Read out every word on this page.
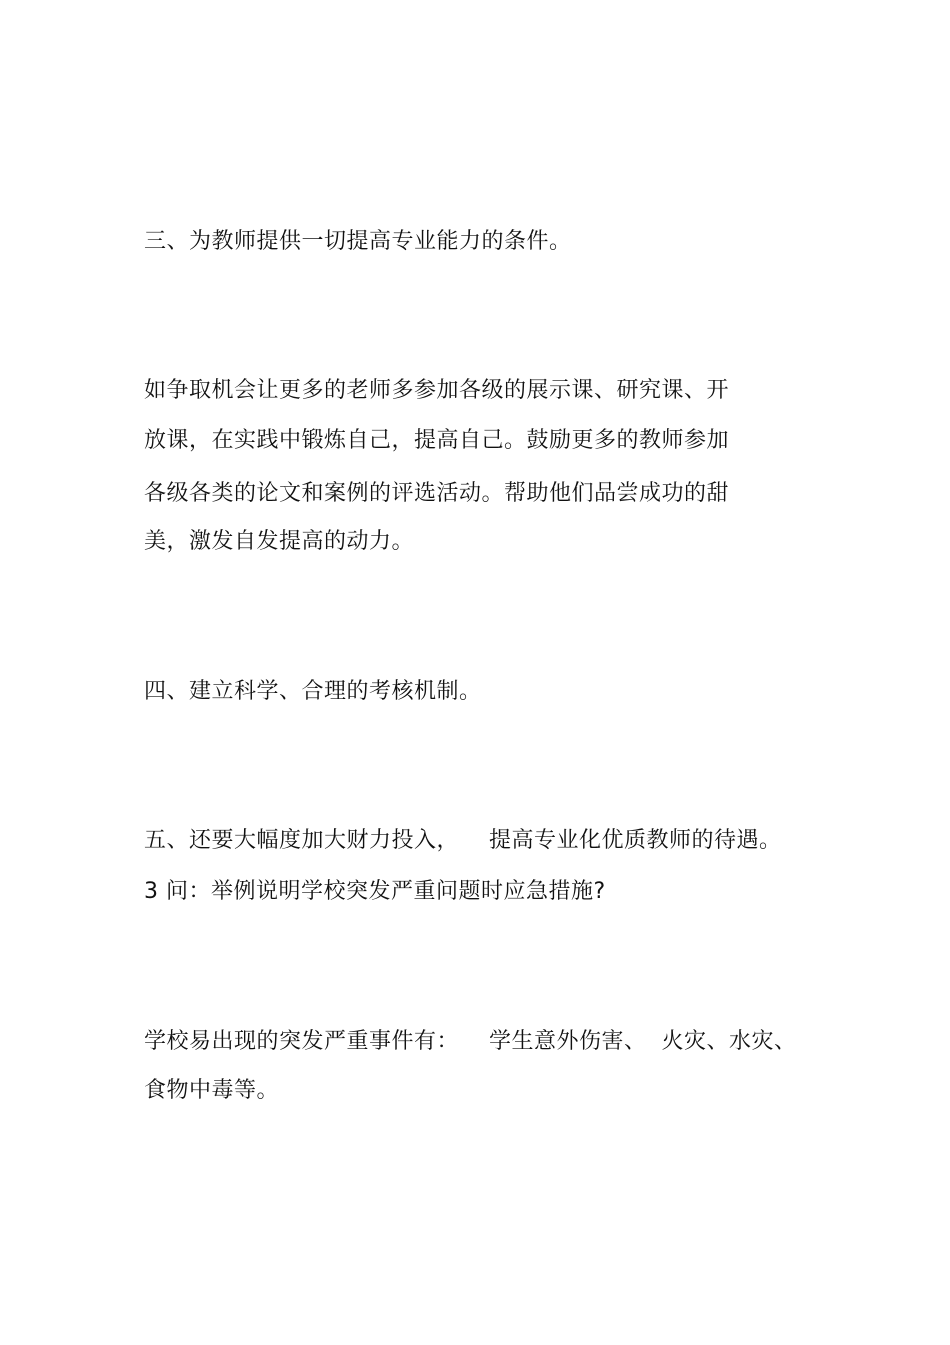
三、为教师提供一切提高专业能力的条件。
如争取机会让更多的老师多参加各级的展示课、研究课、开
放课，在实践中锻炼自己，提高自己。鼓励更多的教师参加
各级各类的论文和案例的评选活动。帮助他们品尝成功的甜
美，激发自发提高的动力。
四、建立科学、合理的考核机制。
五、还要大幅度加大财力投入，    提高专业化优质教师的待遇。
3 问：举例说明学校突发严重问题时应急措施?
学校易出现的突发严重事件有：    学生意外伤害、  火灾、水灾、
食物中毒等。
